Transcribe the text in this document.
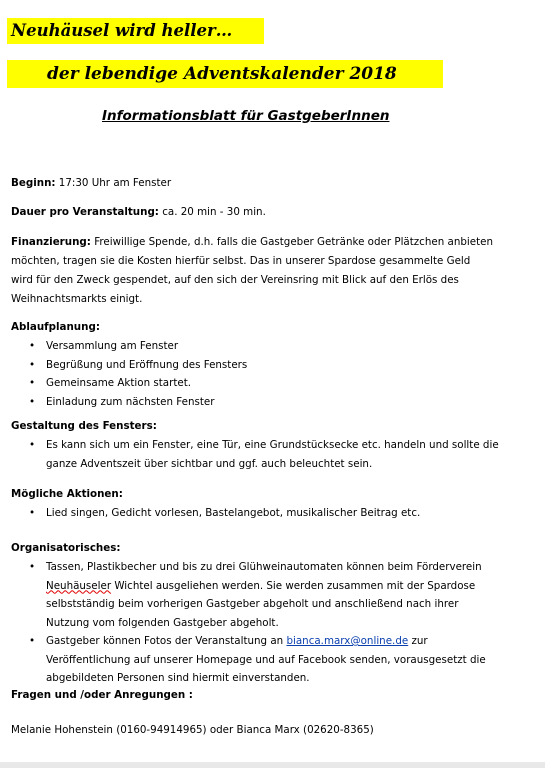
Neuhäusel wird heller…
der lebendige Adventskalender 2018
Informationsblatt für GastgeberInnen
Beginn: 17:30 Uhr am Fenster
Dauer pro Veranstaltung: ca. 20 min - 30 min.
Finanzierung: Freiwillige Spende, d.h. falls die Gastgeber Getränke oder Plätzchen anbieten
möchten, tragen sie die Kosten hierfür selbst. Das in unserer Spardose gesammelte Geld
wird für den Zweck gespendet, auf den sich der Vereinsring mit Blick auf den Erlös des
Weihnachtsmarkts einigt.
Ablaufplanung:
• Versammlung am Fenster
• Begrüßung und Eröffnung des Fensters
• Gemeinsame Aktion startet.
• Einladung zum nächsten Fenster
Gestaltung des Fensters:
• Es kann sich um ein Fenster, eine Tür, eine Grundstücksecke etc. handeln und sollte die
ganze Adventszeit über sichtbar und ggf. auch beleuchtet sein.
Mögliche Aktionen:
• Lied singen, Gedicht vorlesen, Bastelangebot, musikalischer Beitrag etc.
Organisatorisches:
• Tassen, Plastikbecher und bis zu drei Glühweinautomaten können beim Förderverein
Neuhäuseler Wichtel ausgeliehen werden. Sie werden zusammen mit der Spardose
selbstständig beim vorherigen Gastgeber abgeholt und anschließend nach ihrer
Nutzung vom folgenden Gastgeber abgeholt.
• Gastgeber können Fotos der Veranstaltung an bianca.marx@online.de zur
Veröffentlichung auf unserer Homepage und auf Facebook senden, vorausgesetzt die
abgebildeten Personen sind hiermit einverstanden.
Fragen und /oder Anregungen :
Melanie Hohenstein (0160-94914965) oder Bianca Marx (02620-8365)
